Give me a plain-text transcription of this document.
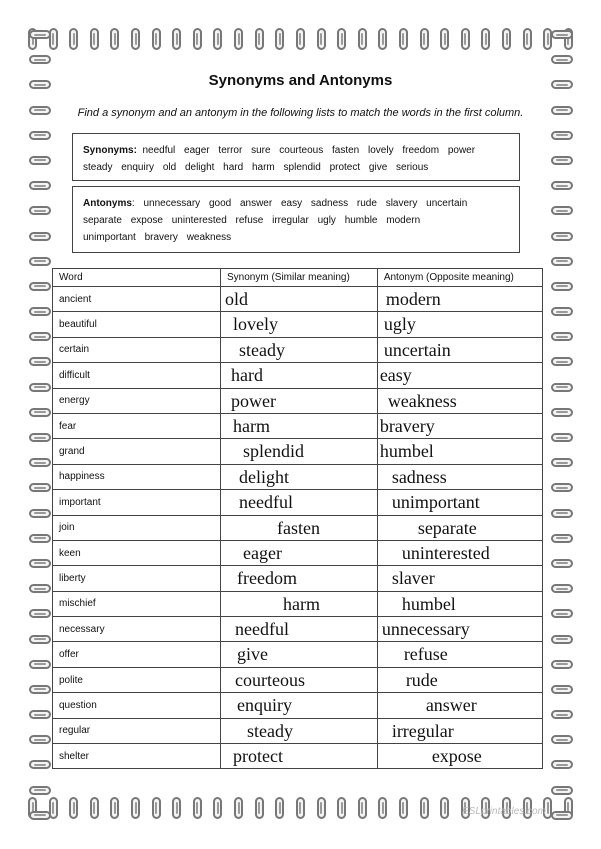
Synonyms and Antonyms
Find a synonym and an antonym in the following lists to match the words in the first column.
Synonyms: needful eager terror sure courteous fasten lovely freedom power
steady enquiry old delight hard harm splendid protect give serious
Antonyms: unnecessary good answer easy sadness rude slavery uncertain
separate expose uninterested refuse irregular ugly humble modern
unimportant bravery weakness
Word	Synonym (Similar meaning)	Antonym (Opposite meaning)
ancient	old	modern

beautiful	lovely	ugly

certain	steady	uncertain

difficult	hard	easy

energy	power	weakness

fear	harm	bravery

grand	splendid	humbel

happiness	delight	sadness

important	needful	unimportant

join	fasten	separate

keen	eager	uninterested

liberty	freedom	slaver

mischief	harm	humbel

necessary	needful	unnecessary

offer	give	refuse

polite	courteous	rude

question	enquiry	answer

regular	steady	irregular

shelter	protect	expose
ESLprintables.com
